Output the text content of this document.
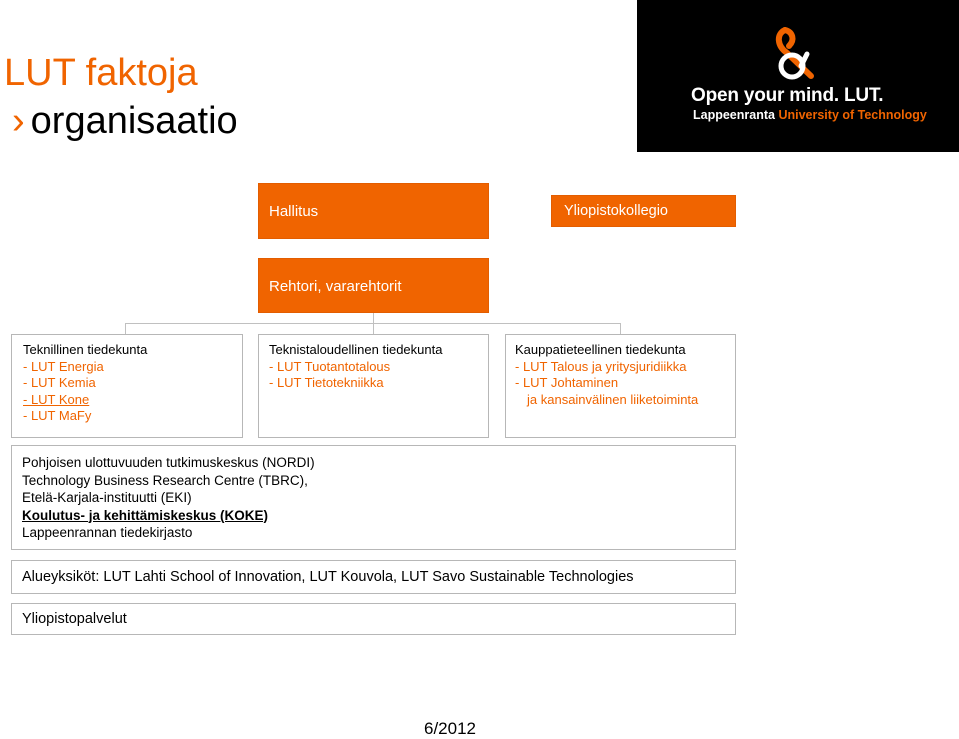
LUT faktoja
› organisaatio
Open your mind. LUT.
Lappeenranta University of Technology
Hallitus	Yliopistokollegio
Rehtori, vararehtorit
Teknillinen tiedekunta
- LUT Energia
- LUT Kemia
- LUT Kone
- LUT MaFy
Teknistaloudellinen tiedekunta
- LUT Tuotantotalous
- LUT Tietotekniikka
Kauppatieteellinen tiedekunta
- LUT Talous ja yritysjuridiikka
- LUT Johtaminen
ja kansainvälinen liiketoiminta
Pohjoisen ulottuvuuden tutkimuskeskus (NORDI)
Technology Business Research Centre (TBRC),
Etelä-Karjala-instituutti (EKI)
Koulutus- ja kehittämiskeskus (KOKE)
Lappeenrannan tiedekirjasto
Alueyksiköt: LUT Lahti School of Innovation, LUT Kouvola, LUT Savo Sustainable Technologies
Yliopistopalvelut
6/2012
